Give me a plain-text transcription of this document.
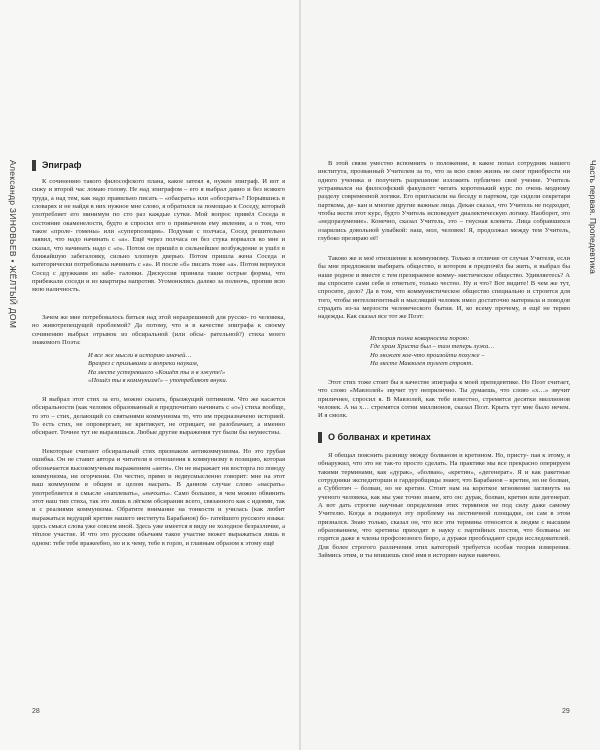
Александр ЗИНОВЬЕВ • ЖЁЛТЫЙ ДОМ	Часть первая. Пропедевтика
Эпиграф

К сочинению такого философского плана, какое затеял я, нужен эпиграф. И вот я сижу и второй час ломаю голову. Не над эпиграфом – его я выбрал давно и без всякого труда, а над тем, как надо правильно писать – «обасрать» или «обосрать»? Порывшись в словарях и не найдя в них нужное мне слово, я обратился за помощью к Соседу, который употребляет его минимум по сто раз каждые сутки. Мой вопрос привёл Соседа в состояние окаменелости, будто я спросил его о привычном ему явлении, а о том, что такое «проле- гомены» или «суперпозиция». Подумав с полчаса, Сосед решительно заявил, что надо начинать с «а». Ещё через полчаса он без стука ворвался ко мне и сказал, что начинать надо с «о». Потом он пришёл в сильнейшее возбуждение и ушёл в ближайшую забегаловку, сильно хлопнув дверью. Потом пришла жена Соседа и категорически потребовала начинать с «а». И после «б» писать тоже «а». Потом вернулся Сосед с дружками из забе- галовки. Дискуссия приняла такие острые формы, что прибежали соседи и из квартиры напротив. Угомонились далеко за полночь, пропив всю мою наличность.

Зачем же мне потребовалось биться над этой неразрешимой для русско- го человека, но животрепещущей проблемой? Да потому, что я в качестве эпиграфа к своему сочинению выбрал отрывок из обсиральной (или обсы- рательной?) стиха моего знакомого Поэта:

И все же мысли в историю иначей…
Вразрез с призывами и вопреки наукам,
На месте устеревшего «Кошёт ты я в эжуте!»
«Пошёл ты в коммунизм!» – употребляют внуки.

Я выбрал этот стих за его, можно сказать, брызжущий оптимизм. Что же касается обсиральности (как человек образованный я предпочитаю начинать с «о») стиха вообще, то это – стих, делающий со святынями коммунизма то, что им предназначено историей. То есть стих, не опровергает, не критикует, не отрицает, не разоблачает, а именно обсирает. Точнее тут не выразишься. Любые другие выражения тут были бы неуместны.

Некоторые считают обсиральный стих признаком антикоммунизма. Но это грубая ошибка. Он не ставит автора и читателя в отношения к коммунизму в позицию, которая обозначается высокомучным выражением «анти». Он не выражает ни восторга по поводу коммунизма, ни огорчения. Он честно, прямо и недвусмысленно говорит: мне на этот ваш коммунизм в общем и целом насрать. В данном случае слово «насрать» употребляется в смысле «наплевать», «начхать». Само большее, в чем можно обвинить этот наш тип стиха, так это лишь в лёгком обсирании всего, связанного как с идеями, так и с реалиями коммунизма. Обратите внимание на тонкости и училась (как любит выражаться ведущий кретин нашего института Барабанов) бо- гатейшего русского языка: здесь смысл слова уже совсем иной. Здесь уже имеется в виду не холодное безразличие, а тёплое участие. И что это русским обычаям такое участие может выражаться лишь в одном: тебе тебе вражеебно, но и к чему, тебе в горло, и главным образом к этому ещё

28

В этой связи уместно вспомнить о положении, в какое попал сотрудник нашего института, прозванный Учителем за то, что за всю свою жизнь не смог приобрести ни одного ученика и получить разрешение изложить публично своё учение. Учитель устраивался на философский факультет читать коротенький курс по очень модному разделу современной логики. Его пригласили на беседу в партком, где сидели секретаря парткома, де- кан и многие другие важные лица. Декан сказал, что Учитель не подходит, чтобы вести этот курс, будто Учитель исповедует диалектическую логику. Наоборот, это «недоразумение». Конечно, сказал Учитель, это – гнусная клевета. Лица собравшихся озарились довольной улыбкой: наш, мол, человек! Я, продолжал между тем Учитель, глубоко презираю её!

Таково же и моё отношение к коммунизму. Только в отличие от случая Учителя, если бы мне предложили выбирать общество, в котором я предпочёл бы жить, я выбрал бы наше родное и вместе с тем презираемое комму- нистическое общество. Удивляетесь? А вы спросите сами себя и ответьте, только честно. Ну и что? Вот видите! В чем же тут, спросите, дело? Да в том, что коммунистическое общество специально и строится для того, чтобы интеллигентный и мыслящий человек имел достаточно материала и поводов страдать из-за мерзости человеческого бытия. И, ко всему прочему, я ещё не теряю надежды. Как сказал все тот же Поэт:

История полна коварности порою:
Где храм Христа был – там теперь лужа…
Но может кое-что произойти похуже –
На месте Мавзолея тулеет строят.

Этот стих тоже стоит бы в качестве эпиграфа к моей препедевтике. Но Поэт считает, что слово «Мавзолей» звучит тут неприлично. Ты думаешь, что слово «х…» звучит приличнее, спросил я. В Мавзолей, как тебе известно, стремятся десятки миллионов человек. А на х… стремятся сотни миллионов, сказал Поэт. Крыть тут мне было нечем. И я смолк.

О болванах и кретинах

Я обещал пояснить разницу между болваном и кретином. Но, присту- пая к этому, я обнаружил, что это не так-то просто сделать. На практике мы все прекрасно оперируем такими терминами, как «дурак», «болван», «кретин», «дегенерат». Я и как ракетные сотрудники экспедиторши и гардеробщицы знают, что Барабанов – кретин, но не болван, а Субботич – болван, но не кретин. Стоит нам на короткое мгновение заглянуть на ученого человека, как мы уже точно знаем, кто он: дурак, болван, кретин или дегенерат. А вот дать строгие научные определения этих терминов не под силу даже самому Учителю. Когда я подкинул эту проблему на лестничной площадке, он сам в этом признался. Знаю только, сказал он, что все эти термины относятся к людям с высшим образованием, что кретины приходят в науку с партийных постов, что болваны не годятся даже в члены профсоюзного бюро, а дураки преобладают среди исследователей. Для более строгого различения этих категорий требуется особая теория измерения. Займись этим, и ты впишешь своё имя в историю науки навечно.

29
